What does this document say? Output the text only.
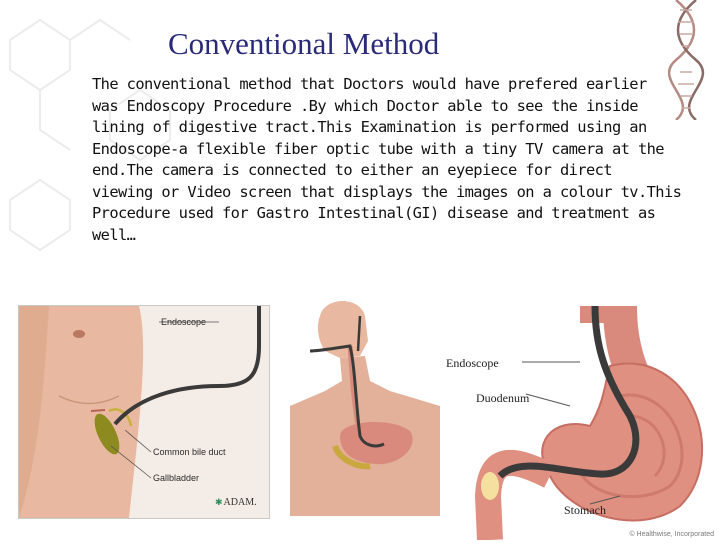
Conventional Method
The conventional method that Doctors would have prefered earlier
was Endoscopy Procedure .By which Doctor able to see the inside
lining of digestive tract.This Examination is performed using an
Endoscope-a flexible fiber optic tube with a tiny TV camera at the
end.The camera is connected to either an eyepiece for direct
viewing or Video screen that displays the images on a colour tv.This
Procedure used for Gastro Intestinal(GI) disease and treatment as
well…
Endoscope
Common bile duct
Gallbladder
✱ADAM.
Endoscope
Duodenum
Stomach
© Healthwise, Incorporated
